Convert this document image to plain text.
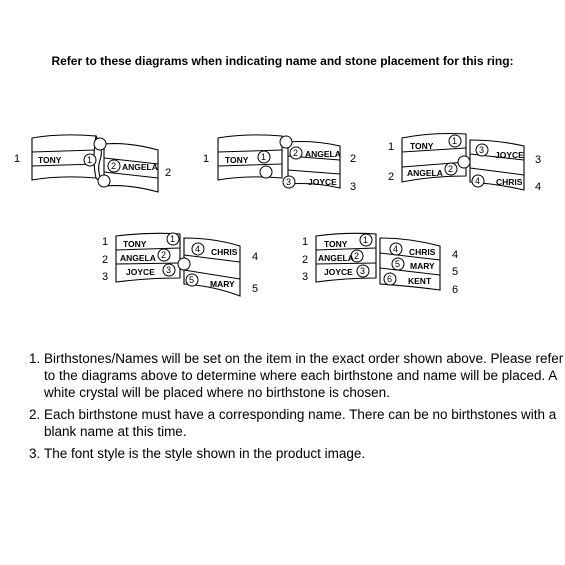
Refer to these diagrams when indicating name and stone placement for this ring:
1
2
TONY
ANGELA
1
2
1	2
3
TONY
ANGELA
JOYCE
1	2
3
1
2
3
4
TONY
ANGELA
JOYCE
CHRIS
1
2
3
4
1
2
3
4
5
TONY
ANGELA
JOYCE
CHRIS
MARY
1
2
3
4
5
1
2
3
4
5
6
TONY
ANGELA
JOYCE
CHRIS
MARY
KENT
1
2
3
4
5
6
1. Birthstones/Names will be set on the item in the exact order shown above. Please refer to the diagrams above to determine where each birthstone and name will be placed. A white crystal will be placed where no birthstone is chosen.
2. Each birthstone must have a corresponding name. There can be no birthstones with a blank name at this time.
3. The font style is the style shown in the product image.
